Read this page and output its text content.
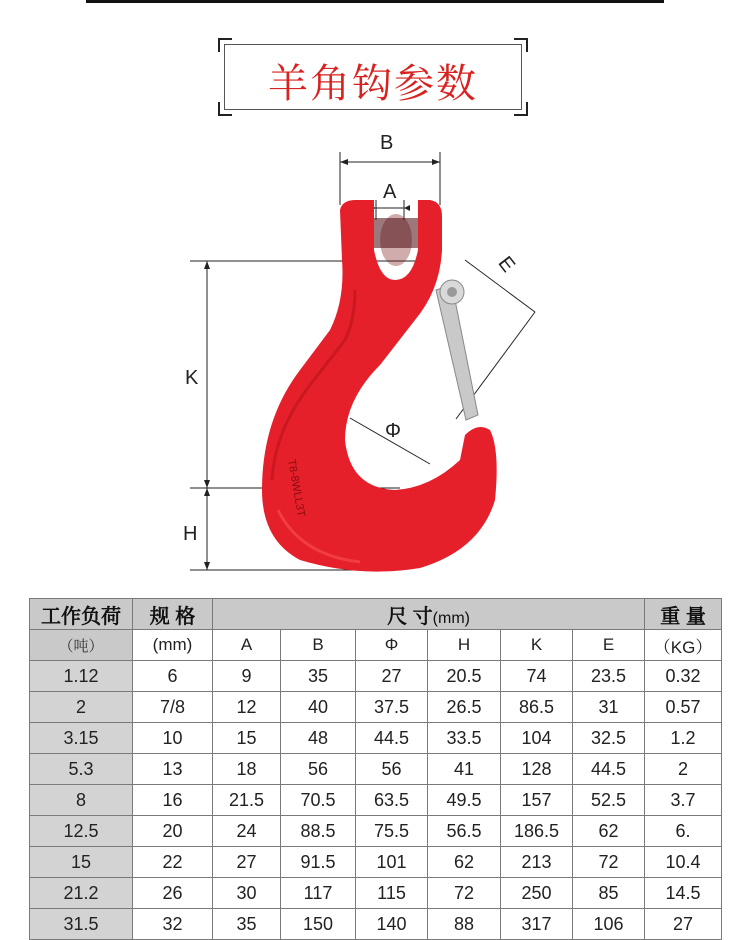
羊角钩参数
T8-8WLL3T
B
A
E
K
Φ
H
工作负荷	规 格	尺 寸(mm)						重 量
（吨）	(mm)	A	B	Φ	H	K	E	（KG）
1.12	6	9	35	27	20.5	74	23.5	0.32
2	7/8	12	40	37.5	26.5	86.5	31	0.57
3.15	10	15	48	44.5	33.5	104	32.5	1.2
5.3	13	18	56	56	41	128	44.5	2
8	16	21.5	70.5	63.5	49.5	157	52.5	3.7
12.5	20	24	88.5	75.5	56.5	186.5	62	6.
15	22	27	91.5	101	62	213	72	10.4
21.2	26	30	117	115	72	250	85	14.5
31.5	32	35	150	140	88	317	106	27
